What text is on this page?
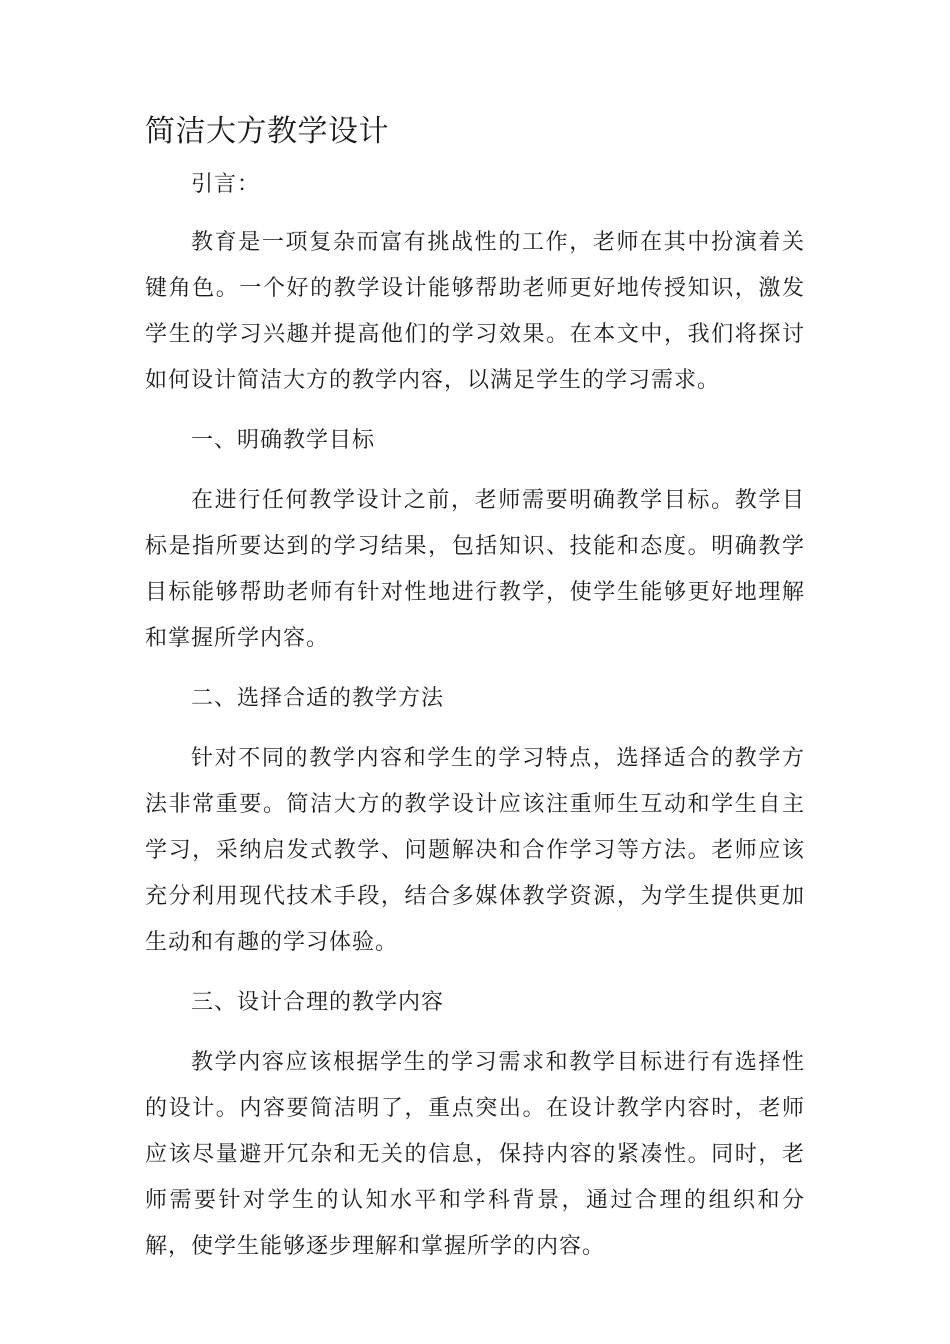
简洁大方教学设计

引言：

教育是一项复杂而富有挑战性的工作，老师在其中扮演着关键角色。一个好的教学设计能够帮助老师更好地传授知识，激发学生的学习兴趣并提高他们的学习效果。在本文中，我们将探讨如何设计简洁大方的教学内容，以满足学生的学习需求。

一、明确教学目标

在进行任何教学设计之前，老师需要明确教学目标。教学目标是指所要达到的学习结果，包括知识、技能和态度。明确教学目标能够帮助老师有针对性地进行教学，使学生能够更好地理解和掌握所学内容。

二、选择合适的教学方法

针对不同的教学内容和学生的学习特点，选择适合的教学方法非常重要。简洁大方的教学设计应该注重师生互动和学生自主学习，采纳启发式教学、问题解决和合作学习等方法。老师应该充分利用现代技术手段，结合多媒体教学资源，为学生提供更加生动和有趣的学习体验。

三、设计合理的教学内容

教学内容应该根据学生的学习需求和教学目标进行有选择性的设计。内容要简洁明了，重点突出。在设计教学内容时，老师应该尽量避开冗杂和无关的信息，保持内容的紧凑性。同时，老师需要针对学生的认知水平和学科背景，通过合理的组织和分解，使学生能够逐步理解和掌握所学的内容。
